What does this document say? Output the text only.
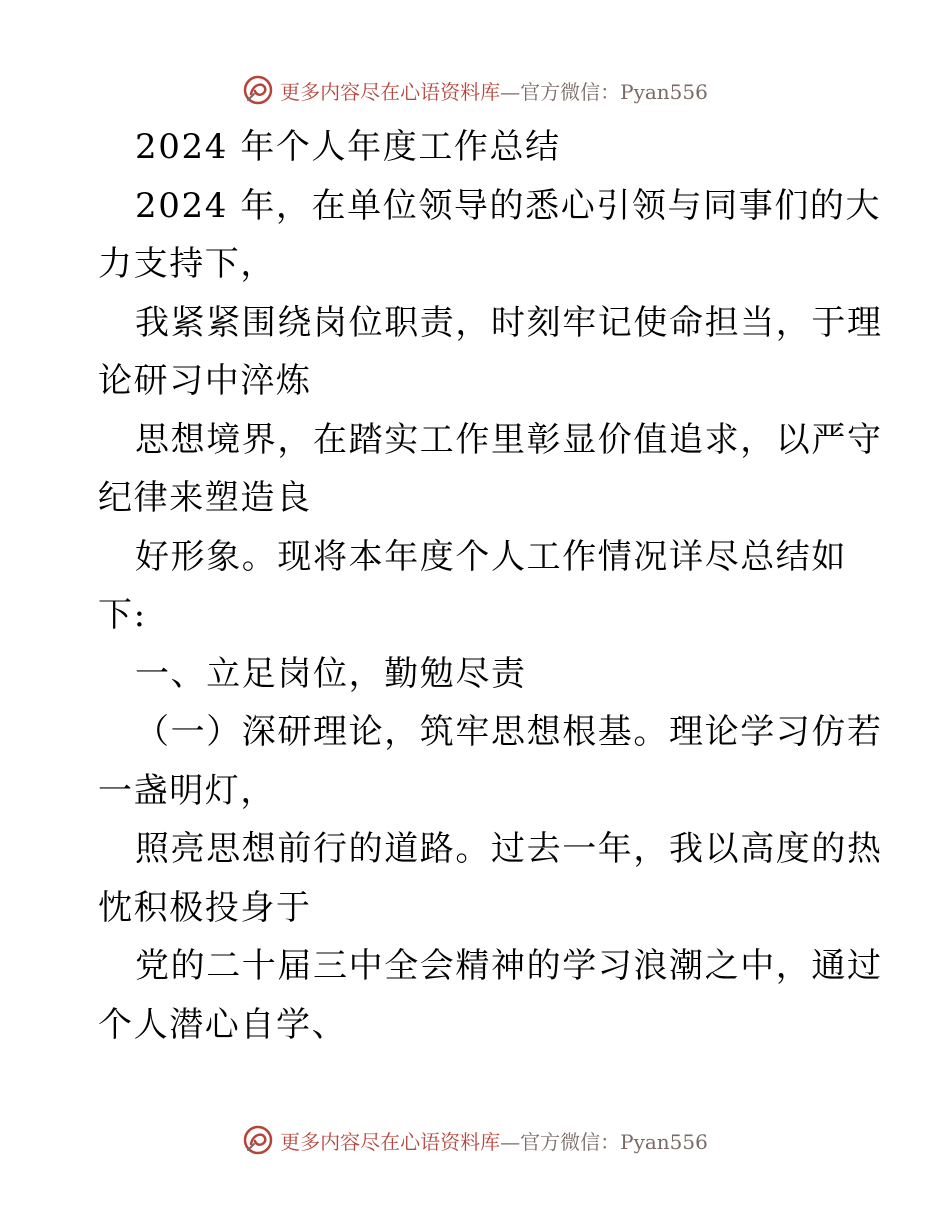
更多内容尽在心语资料库—官方微信：Pyan556
2024 年个人年度工作总结
2024 年，在单位领导的悉心引领与同事们的大
力支持下，
我紧紧围绕岗位职责，时刻牢记使命担当，于理
论研习中淬炼
思想境界，在踏实工作里彰显价值追求，以严守
纪律来塑造良
好形象。现将本年度个人工作情况详尽总结如
下:
一、立足岗位，勤勉尽责
（一）深研理论，筑牢思想根基。理论学习仿若
一盏明灯，
照亮思想前行的道路。过去一年，我以高度的热
忱积极投身于
党的二十届三中全会精神的学习浪潮之中，通过
个人潜心自学、
更多内容尽在心语资料库—官方微信：Pyan556
